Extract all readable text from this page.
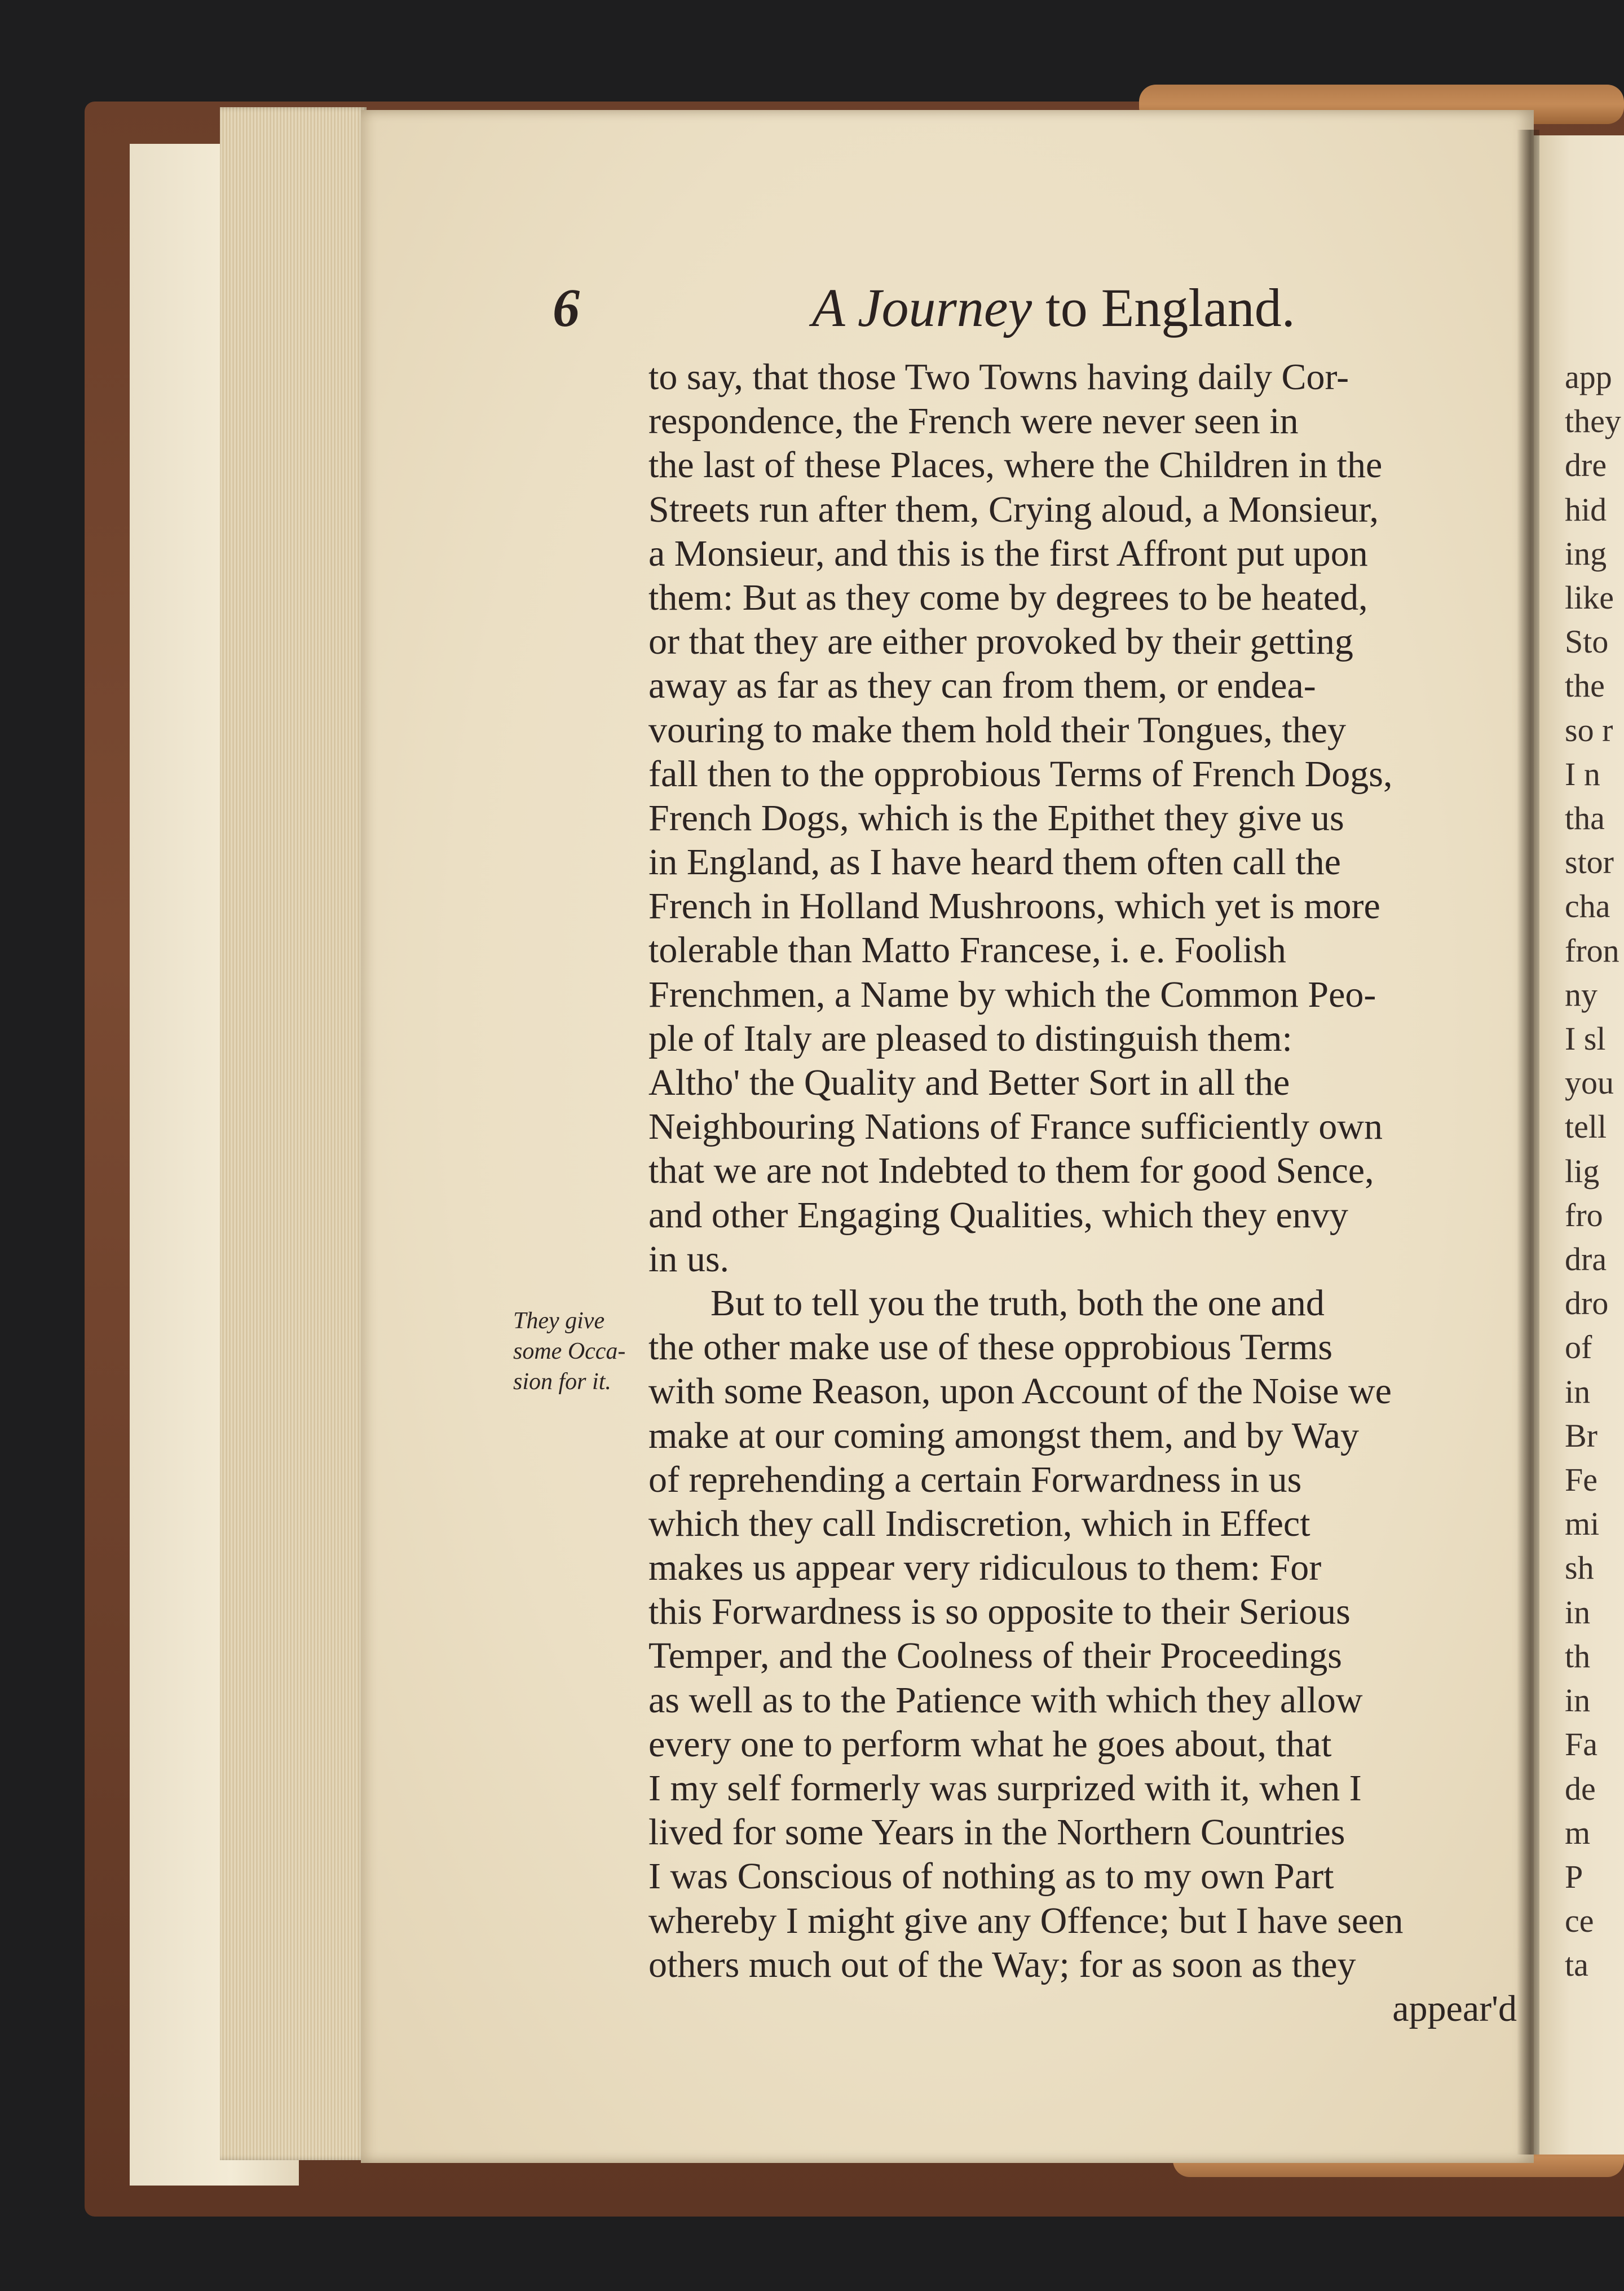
6	A Journey to England.
They give
some Occa-
sion for it.
to say, that those Two Towns having daily Cor-
respondence, the French were never seen in
the last of these Places, where the Children in the
Streets run after them, Crying aloud, a Monsieur,
a Monsieur, and this is the first Affront put upon
them: But as they come by degrees to be heated,
or that they are either provoked by their getting
away as far as they can from them, or endea-
vouring to make them hold their Tongues, they
fall then to the opprobious Terms of French Dogs,
French Dogs, which is the Epithet they give us
in England, as I have heard them often call the
French in Holland Mushroons, which yet is more
tolerable than Matto Francese, i. e. Foolish
Frenchmen, a Name by which the Common Peo-
ple of Italy are pleased to distinguish them:
Altho' the Quality and Better Sort in all the
Neighbouring Nations of France sufficiently own
that we are not Indebted to them for good Sence,
and other Engaging Qualities, which they envy
in us.
But to tell you the truth, both the one and
the other make use of these opprobious Terms
with some Reason, upon Account of the Noise we
make at our coming amongst them, and by Way
of reprehending a certain Forwardness in us
which they call Indiscretion, which in Effect
makes us appear very ridiculous to them: For
this Forwardness is so opposite to their Serious
Temper, and the Coolness of their Proceedings
as well as to the Patience with which they allow
every one to perform what he goes about, that
I my self formerly was surprized with it, when I
lived for some Years in the Northern Countries
I was Conscious of nothing as to my own Part
whereby I might give any Offence; but I have seen
others much out of the Way; for as soon as they
appear'd
app
they
dre
hid
ing
like
Sto
the
so r
I n
tha
stor
cha
fron
ny
I sl
you
tell
lig
fro
dra
dro
of
in
Br
Fe
mi
sh
in
th
in
Fa
de
m
P
ce
ta
